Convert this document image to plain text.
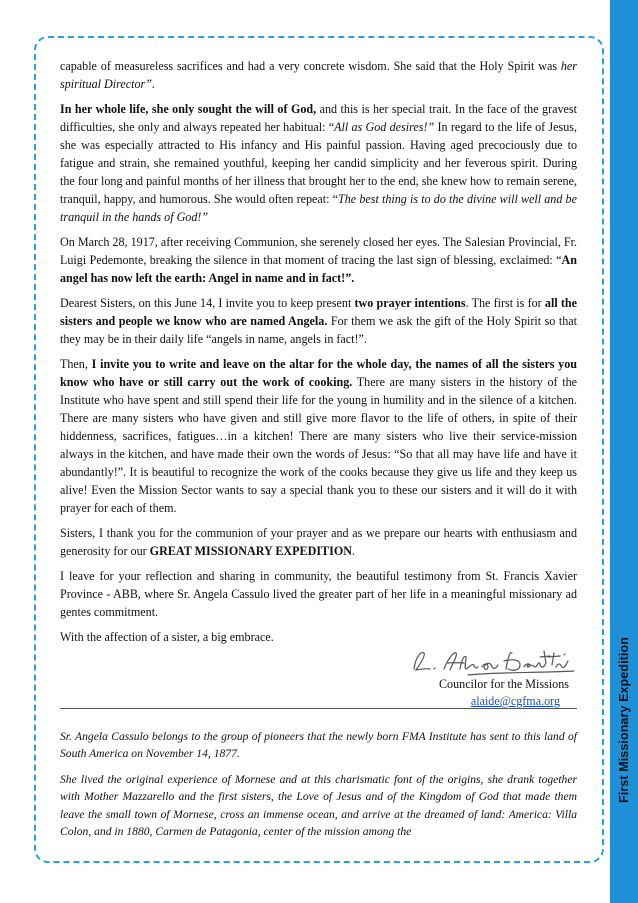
First Missionary Expedition

capable of measureless sacrifices and had a very concrete wisdom. She said that the Holy Spirit was her spiritual Director”.

In her whole life, she only sought the will of God, and this is her special trait. In the face of the gravest difficulties, she only and always repeated her habitual: “All as God desires!” In regard to the life of Jesus, she was especially attracted to His infancy and His painful passion. Having aged precociously due to fatigue and strain, she remained youthful, keeping her candid simplicity and her feverous spirit. During the four long and painful months of her illness that brought her to the end, she knew how to remain serene, tranquil, happy, and humorous. She would often repeat: “The best thing is to do the divine will well and be tranquil in the hands of God!”

On March 28, 1917, after receiving Communion, she serenely closed her eyes. The Salesian Provincial, Fr. Luigi Pedemonte, breaking the silence in that moment of tracing the last sign of blessing, exclaimed: “An angel has now left the earth: Angel in name and in fact!”.

Dearest Sisters, on this June 14, I invite you to keep present two prayer intentions. The first is for all the sisters and people we know who are named Angela. For them we ask the gift of the Holy Spirit so that they may be in their daily life “angels in name, angels in fact!”.

Then, I invite you to write and leave on the altar for the whole day, the names of all the sisters you know who have or still carry out the work of cooking. There are many sisters in the history of the Institute who have spent and still spend their life for the young in humility and in the silence of a kitchen. There are many sisters who have given and still give more flavor to the life of others, in spite of their hiddenness, sacrifices, fatigues…in a kitchen! There are many sisters who live their service-mission always in the kitchen, and have made their own the words of Jesus: “So that all may have life and have it abundantly!”. It is beautiful to recognize the work of the cooks because they give us life and they keep us alive! Even the Mission Sector wants to say a special thank you to these our sisters and it will do it with prayer for each of them.

Sisters, I thank you for the communion of your prayer and as we prepare our hearts with enthusiasm and generosity for our GREAT MISSIONARY EXPEDITION.

I leave for your reflection and sharing in community, the beautiful testimony from St. Francis Xavier Province - ABB, where Sr. Angela Cassulo lived the greater part of her life in a meaningful missionary ad gentes commitment.

With the affection of a sister, a big embrace.

Councilor for the Missions
alaide@cgfma.org

Sr. Angela Cassulo belongs to the group of pioneers that the newly born FMA Institute has sent to this land of South America on November 14, 1877.

She lived the original experience of Mornese and at this charismatic font of the origins, she drank together with Mother Mazzarello and the first sisters, the Love of Jesus and of the Kingdom of God that made them leave the small town of Mornese, cross an immense ocean, and arrive at the dreamed of land: America: Villa Colon, and in 1880, Carmen de Patagonia, center of the mission among the
